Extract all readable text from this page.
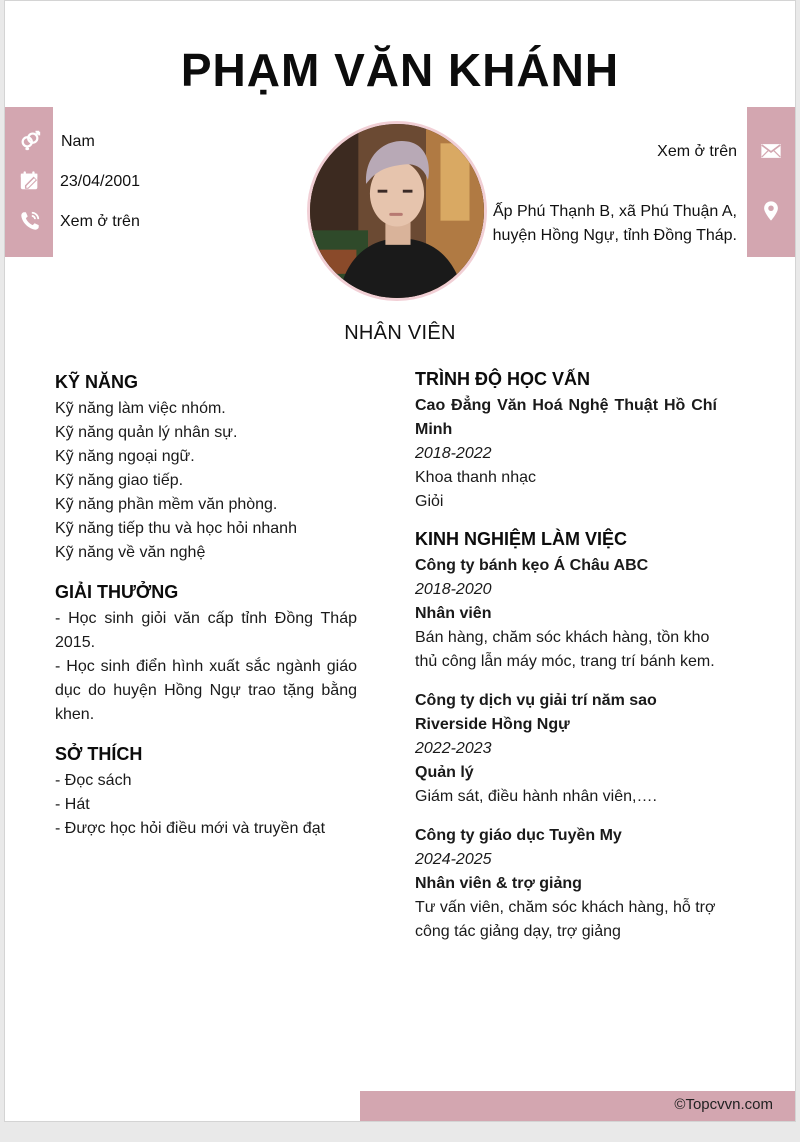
PHẠM VĂN KHÁNH
Nam
23/04/2001
Xem ở trên
Xem ở trên
Ấp Phú Thạnh B, xã Phú Thuận A,
huyện Hồng Ngự, tỉnh Đồng Tháp.
NHÂN VIÊN
KỸ NĂNG

Kỹ năng làm việc nhóm.

Kỹ năng quản lý nhân sự.

Kỹ năng ngoại ngữ.

Kỹ năng giao tiếp.

Kỹ năng phần mềm văn phòng.

Kỹ năng tiếp thu và học hỏi nhanh

Kỹ năng về văn nghệ

GIẢI THƯỞNG

- Học sinh giỏi văn cấp tỉnh Đồng Tháp 2015.

- Học sinh điển hình xuất sắc ngành giáo dục do huyện Hồng Ngự trao tặng bằng khen.

SỞ THÍCH

- Đọc sách

- Hát

- Được học hỏi điều mới và truyền đạt

TRÌNH ĐỘ HỌC VẤN

Cao Đẳng Văn Hoá Nghệ Thuật Hồ Chí Minh

2018-2022

Khoa thanh nhạc

Giỏi

KINH NGHIỆM LÀM VIỆC

Công ty bánh kẹo Á Châu ABC

2018-2020

Nhân viên

Bán hàng, chăm sóc khách hàng, tồn kho thủ công lẫn máy móc, trang trí bánh kem.

Công ty dịch vụ giải trí năm sao Riverside Hồng Ngự

2022-2023

Quản lý

Giám sát, điều hành nhân viên,….

Công ty giáo dục Tuyền My

2024-2025

Nhân viên & trợ giảng

Tư vấn viên, chăm sóc khách hàng, hỗ trợ công tác giảng dạy, trợ giảng

©Topcvvn.com
